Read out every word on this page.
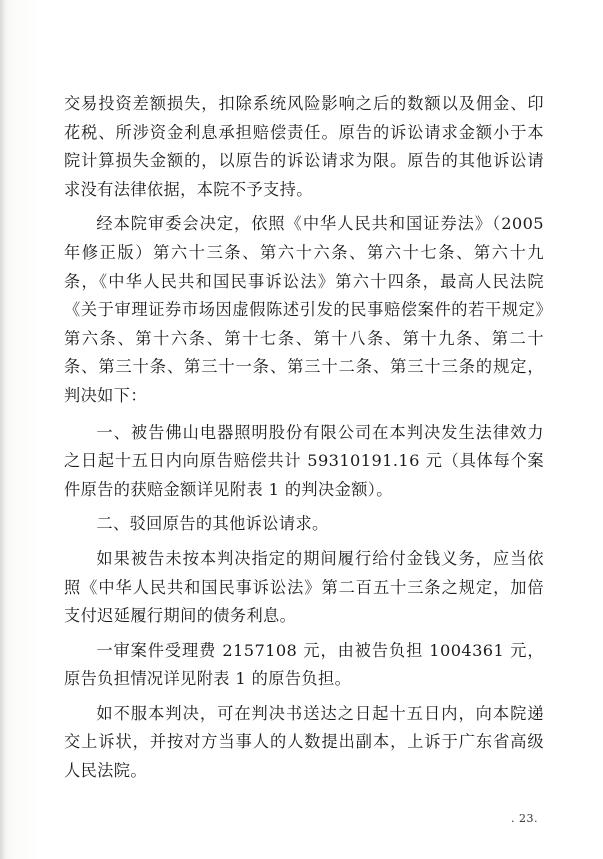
交易投资差额损失，扣除系统风险影响之后的数额以及佣金、印花税、所涉资金利息承担赔偿责任。原告的诉讼请求金额小于本院计算损失金额的，以原告的诉讼请求为限。原告的其他诉讼请求没有法律依据，本院不予支持。

经本院审委会决定，依照《中华人民共和国证券法》（2005年修正版）第六十三条、第六十六条、第六十七条、第六十九条，《中华人民共和国民事诉讼法》第六十四条，最高人民法院《关于审理证券市场因虚假陈述引发的民事赔偿案件的若干规定》第六条、第十六条、第十七条、第十八条、第十九条、第二十条、第三十条、第三十一条、第三十二条、第三十三条的规定，判决如下：

一、被告佛山电器照明股份有限公司在本判决发生法律效力之日起十五日内向原告赔偿共计 59310191.16 元（具体每个案件原告的获赔金额详见附表 1 的判决金额）。

二、驳回原告的其他诉讼请求。

如果被告未按本判决指定的期间履行给付金钱义务，应当依照《中华人民共和国民事诉讼法》第二百五十三条之规定，加倍支付迟延履行期间的债务利息。

一审案件受理费 2157108 元，由被告负担 1004361 元，原告负担情况详见附表 1 的原告负担。

如不服本判决，可在判决书送达之日起十五日内，向本院递交上诉状，并按对方当事人的人数提出副本，上诉于广东省高级人民法院。

. 23.
